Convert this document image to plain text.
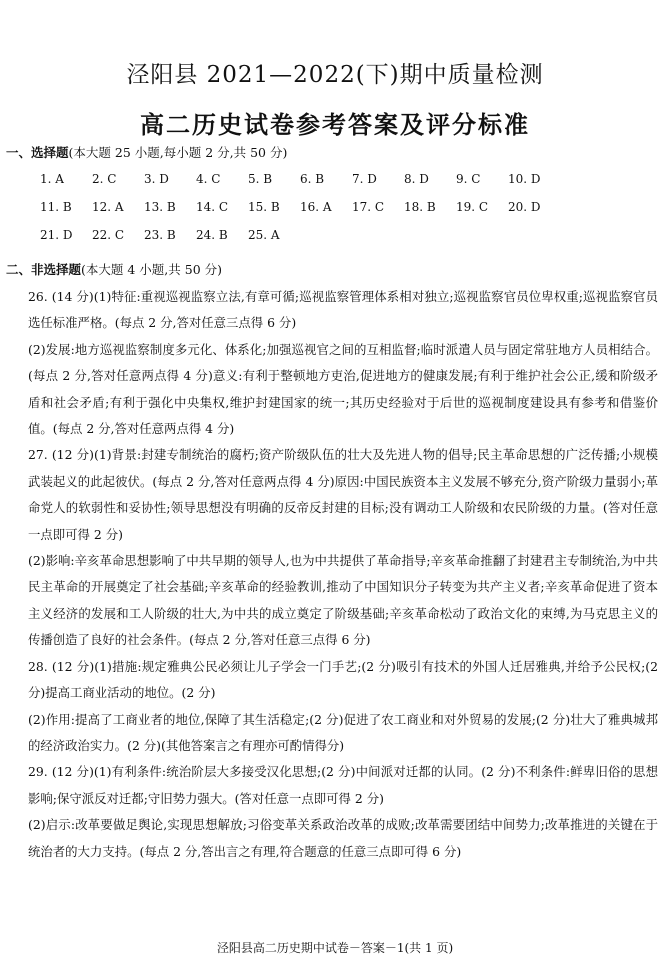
泾阳县 2021—2022(下)期中质量检测
高二历史试卷参考答案及评分标准
一、选择题(本大题 25 小题,每小题 2 分,共 50 分)
1. A	2. C	3. D	4. C	5. B	6. B	7. D	8. D	9. C	10. D
11. B	12. A	13. B	14. C	15. B	16. A	17. C	18. B	19. C	20. D
21. D	22. C	23. B	24. B	25. A
二、非选择题(本大题 4 小题,共 50 分)

26. (14 分)(1)特征:重视巡视监察立法,有章可循;巡视监察管理体系相对独立;巡视监察官员位卑权重;巡视监察官员选任标准严格。(每点 2 分,答对任意三点得 6 分)

(2)发展:地方巡视监察制度多元化、体系化;加强巡视官之间的互相监督;临时派遣人员与固定常驻地方人员相结合。(每点 2 分,答对任意两点得 4 分)意义:有利于整顿地方吏治,促进地方的健康发展;有利于维护社会公正,缓和阶级矛盾和社会矛盾;有利于强化中央集权,维护封建国家的统一;其历史经验对于后世的巡视制度建设具有参考和借鉴价值。(每点 2 分,答对任意两点得 4 分)

27. (12 分)(1)背景:封建专制统治的腐朽;资产阶级队伍的壮大及先进人物的倡导;民主革命思想的广泛传播;小规模武装起义的此起彼伏。(每点 2 分,答对任意两点得 4 分)原因:中国民族资本主义发展不够充分,资产阶级力量弱小;革命党人的软弱性和妥协性;领导思想没有明确的反帝反封建的目标;没有调动工人阶级和农民阶级的力量。(答对任意一点即可得 2 分)

(2)影响:辛亥革命思想影响了中共早期的领导人,也为中共提供了革命指导;辛亥革命推翻了封建君主专制统治,为中共民主革命的开展奠定了社会基础;辛亥革命的经验教训,推动了中国知识分子转变为共产主义者;辛亥革命促进了资本主义经济的发展和工人阶级的壮大,为中共的成立奠定了阶级基础;辛亥革命松动了政治文化的束缚,为马克思主义的传播创造了良好的社会条件。(每点 2 分,答对任意三点得 6 分)

28. (12 分)(1)措施:规定雅典公民必须让儿子学会一门手艺;(2 分)吸引有技术的外国人迁居雅典,并给予公民权;(2 分)提高工商业活动的地位。(2 分)

(2)作用:提高了工商业者的地位,保障了其生活稳定;(2 分)促进了农工商业和对外贸易的发展;(2 分)壮大了雅典城邦的经济政治实力。(2 分)(其他答案言之有理亦可酌情得分)

29. (12 分)(1)有利条件:统治阶层大多接受汉化思想;(2 分)中间派对迁都的认同。(2 分)不利条件:鲜卑旧俗的思想影响;保守派反对迁都;守旧势力强大。(答对任意一点即可得 2 分)

(2)启示:改革要做足舆论,实现思想解放;习俗变革关系政治改革的成败;改革需要团结中间势力;改革推进的关键在于统治者的大力支持。(每点 2 分,答出言之有理,符合题意的任意三点即可得 6 分)

泾阳县高二历史期中试卷－答案－1(共 1 页)
